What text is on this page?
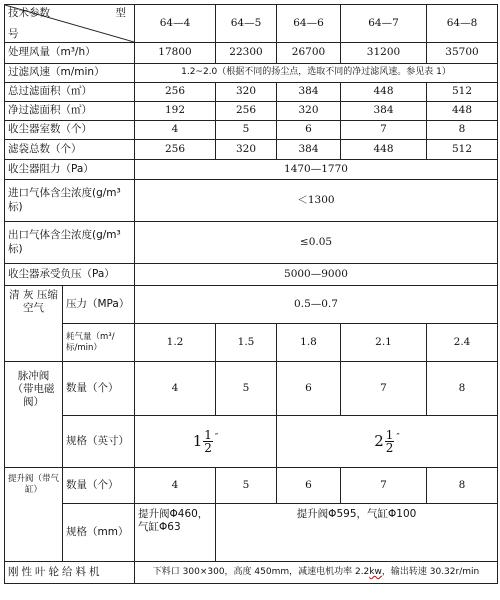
技术参数 型
号		64—4	64—5	64—6	64—7	64—8
处理风量（m³/h）		17800	22300	26700	31200	35700
过滤风速（m/min）		1.2~2.0（根据不同的扬尘点，选取不同的净过滤风速。参见表 1）				
总过滤面积（㎡）		256	320	384	448	512
净过滤面积（㎡）		192	256	320	384	448
收尘器室数（个）		4	5	6	7	8
滤袋总数（个）		256	320	384	448	512
收尘器阻力（Pa）		1470—1770				
进口气体含尘浓度(g/m³标)		＜1300				
出口气体含尘浓度(g/m³标)		≤0.05				
收尘器承受负压（Pa）		5000—9000				
清 灰 压缩空气	压力（MPa）	0.5—0.7				
	耗气量（m³/标/min）	1.2	1.5	1.8	2.1	2.4
脉冲阀（带电磁阀）	数量（个）	4	5	6	7	8
	规格（英寸）	$1 \frac{1}{2}$ ″		$2 \frac{1}{2}$ ″		

提升阀（带气缸）	数量（个）	4	5	6	7	8
	规格（mm）	提升阀Φ460，气缸Φ63	提升阀Φ595，气缸Φ100			
刚性叶轮给料机		下料口 300×300，高度 450mm，减速电机功率 2.2kw，输出转速 30.32r/min				
